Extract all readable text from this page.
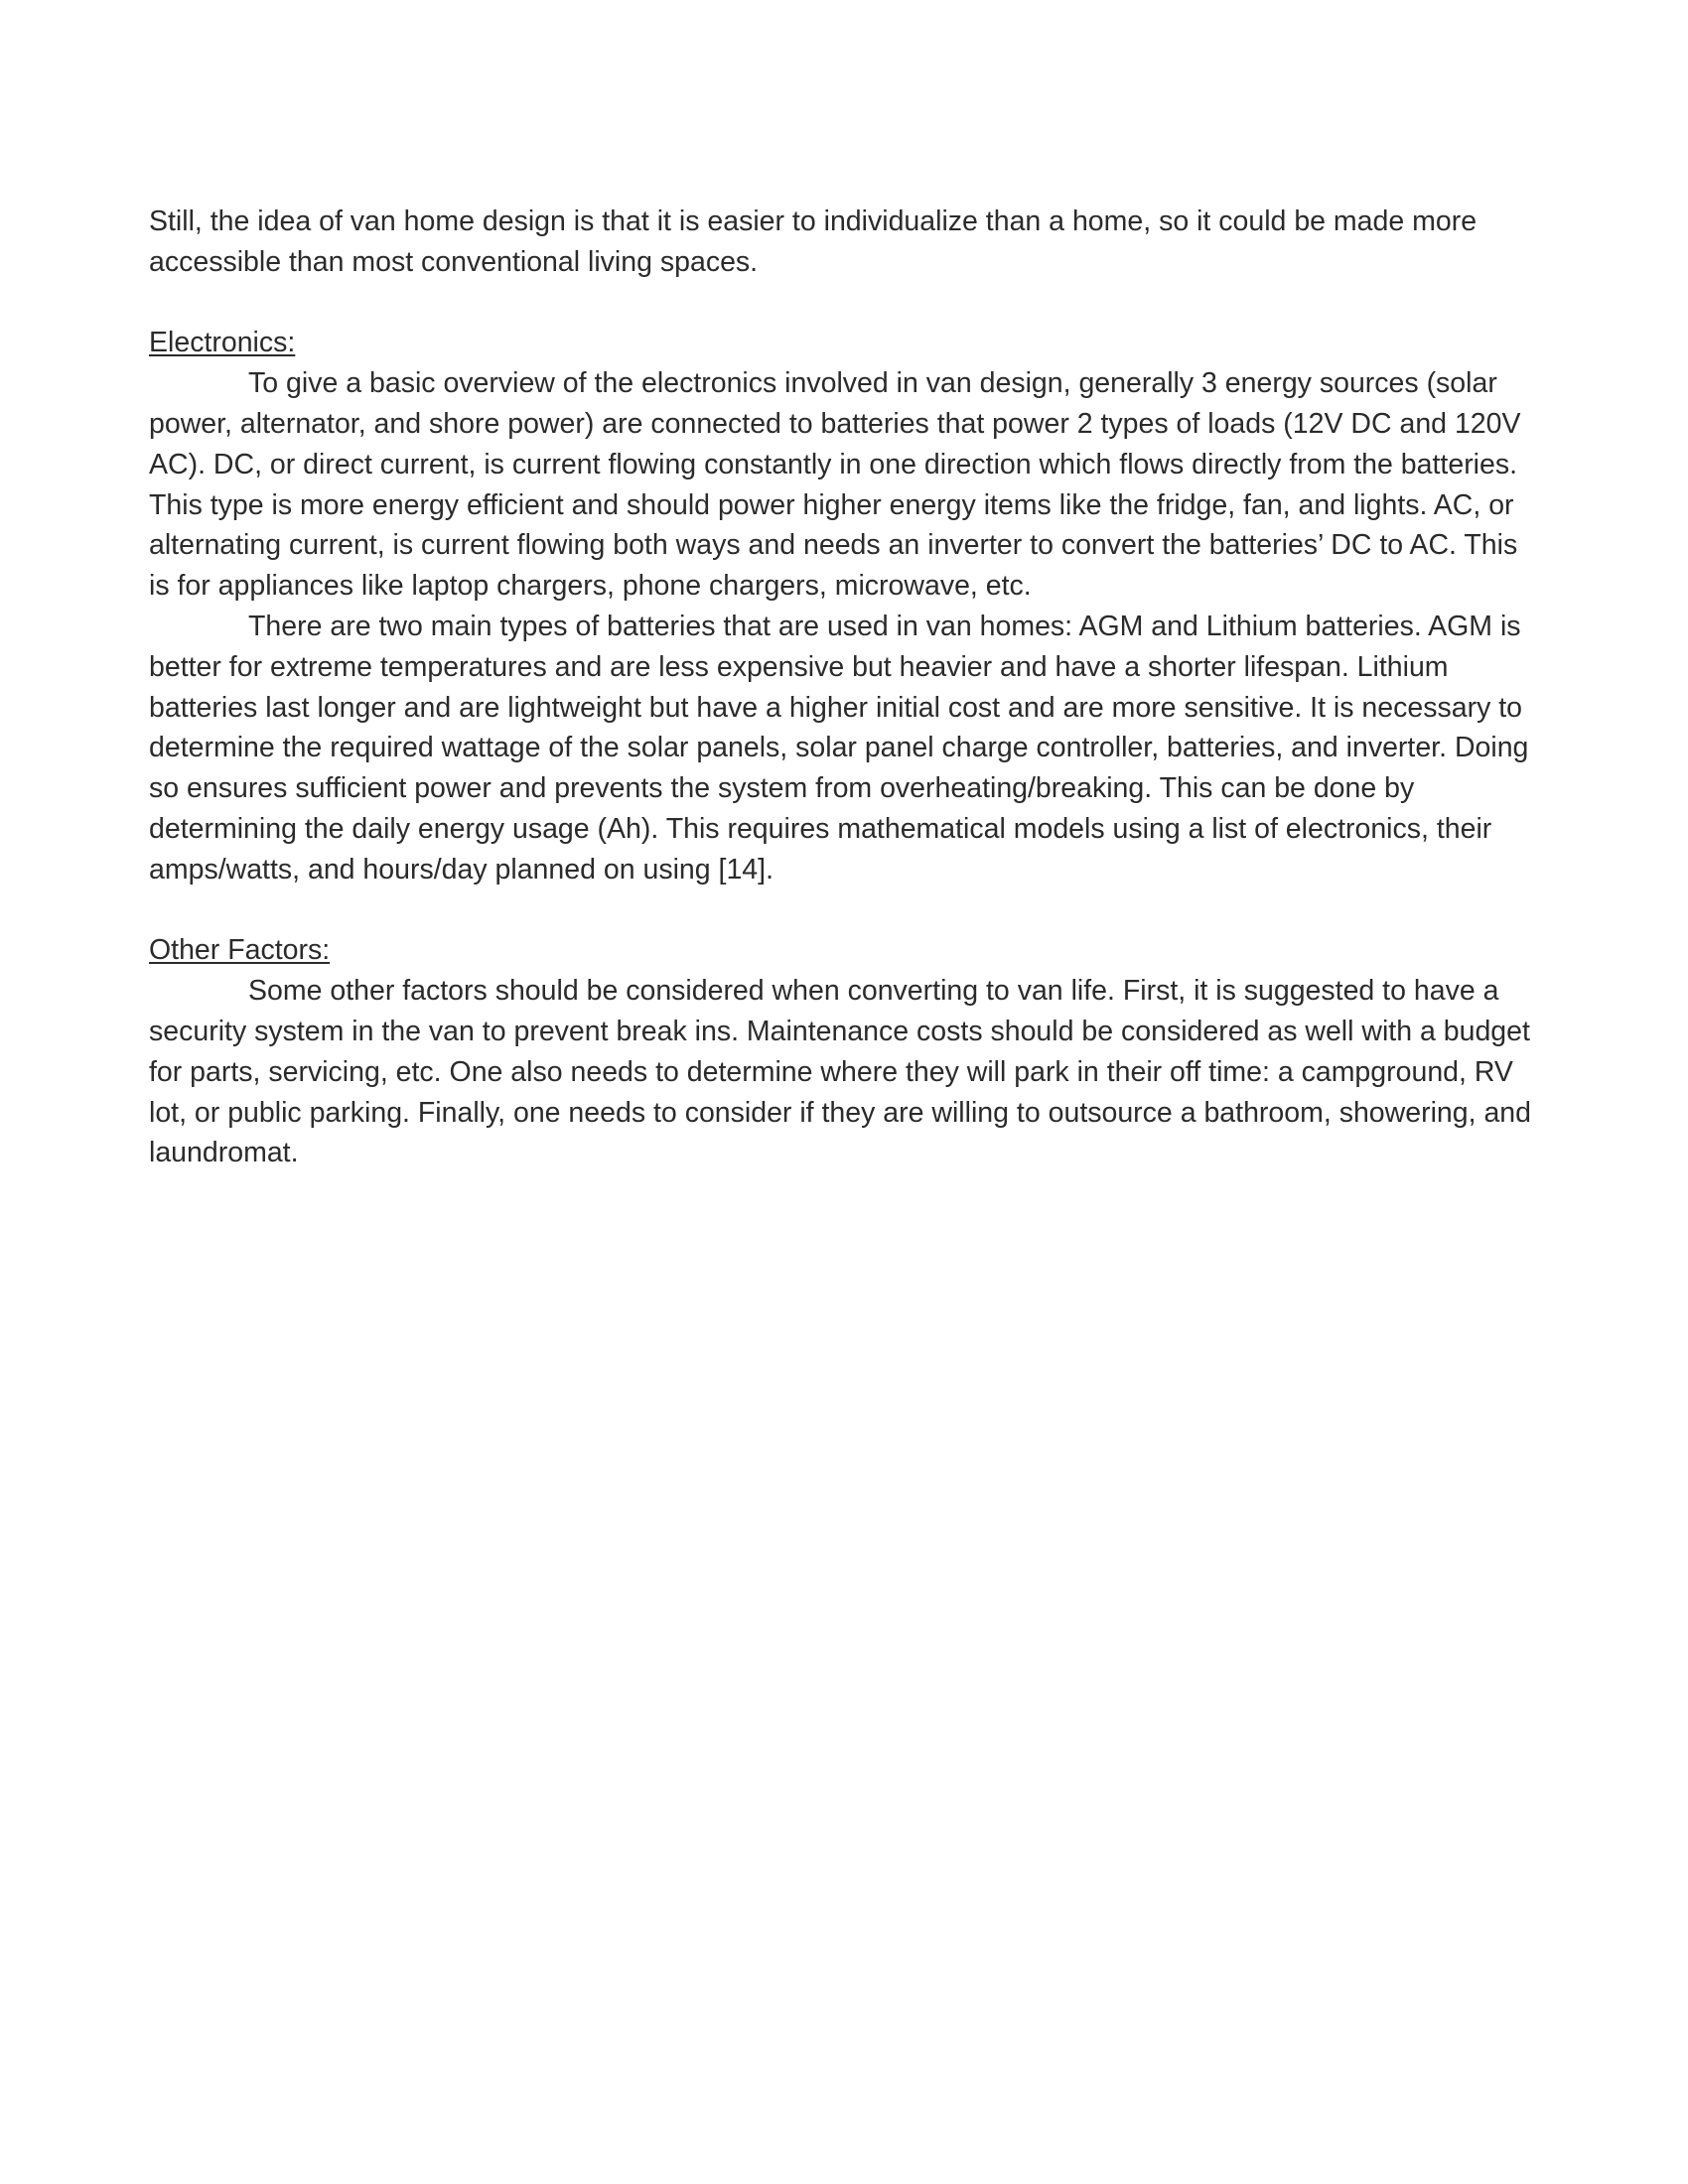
Still, the idea of van home design is that it is easier to individualize than a home, so it could be made more accessible than most conventional living spaces.

Electronics:

To give a basic overview of the electronics involved in van design, generally 3 energy sources (solar power, alternator, and shore power) are connected to batteries that power 2 types of loads (12V DC and 120V AC). DC, or direct current, is current flowing constantly in one direction which flows directly from the batteries. This type is more energy efficient and should power higher energy items like the fridge, fan, and lights. AC, or alternating current, is current flowing both ways and needs an inverter to convert the batteries’ DC to AC. This is for appliances like laptop chargers, phone chargers, microwave, etc.

There are two main types of batteries that are used in van homes: AGM and Lithium batteries. AGM is better for extreme temperatures and are less expensive but heavier and have a shorter lifespan. Lithium batteries last longer and are lightweight but have a higher initial cost and are more sensitive. It is necessary to determine the required wattage of the solar panels, solar panel charge controller, batteries, and inverter. Doing so ensures sufficient power and prevents the system from overheating/breaking. This can be done by determining the daily energy usage (Ah). This requires mathematical models using a list of electronics, their amps/watts, and hours/day planned on using [14].

Other Factors:

Some other factors should be considered when converting to van life. First, it is suggested to have a security system in the van to prevent break ins. Maintenance costs should be considered as well with a budget for parts, servicing, etc. One also needs to determine where they will park in their off time: a campground, RV lot, or public parking. Finally, one needs to consider if they are willing to outsource a bathroom, showering, and laundromat.
